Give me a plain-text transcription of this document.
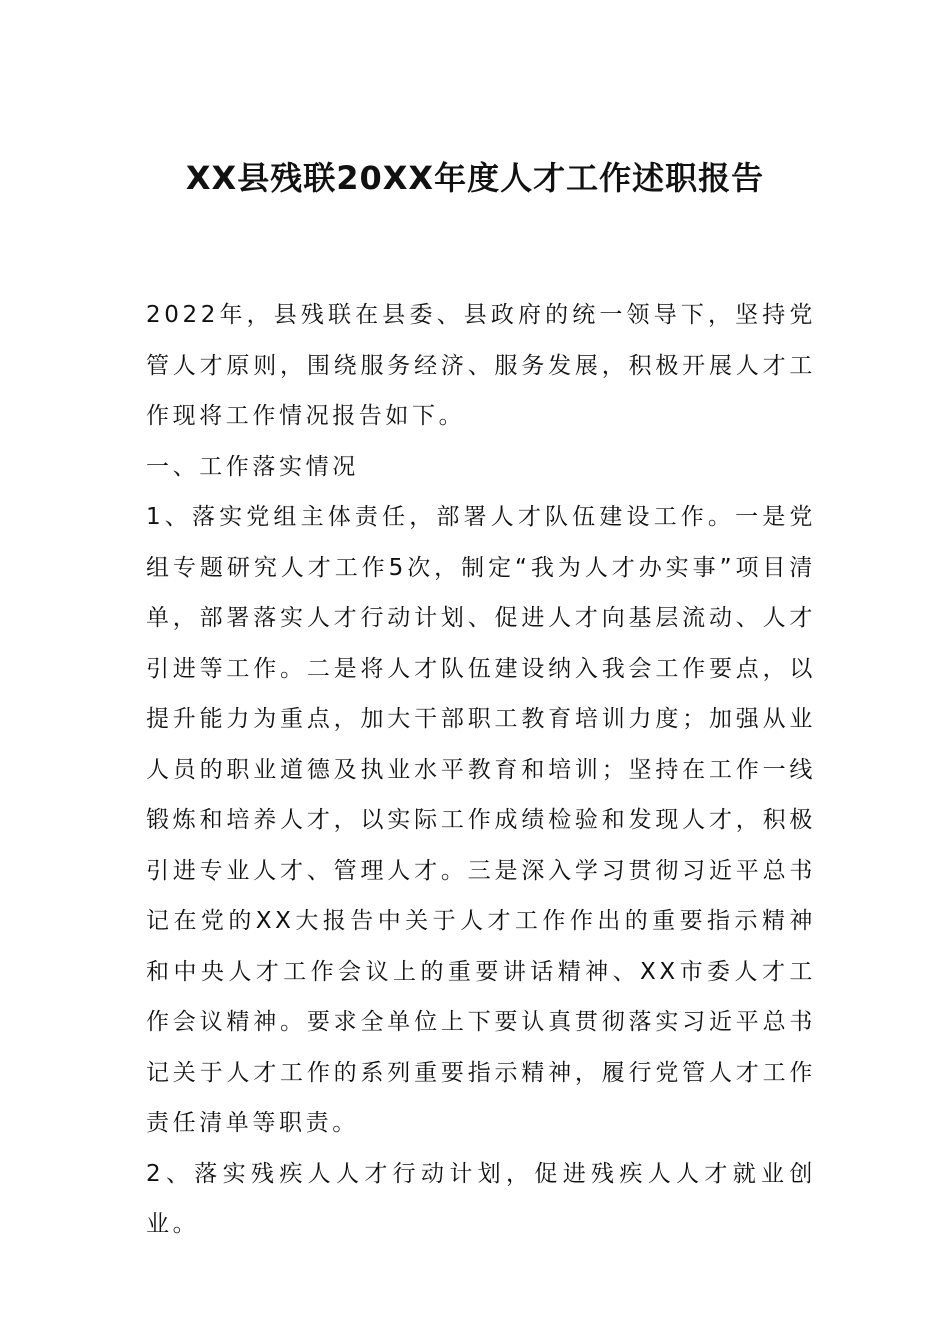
XX县残联20XX年度人才工作述职报告

2022年，县残联在县委、县政府的统一领导下，坚持党管人才原则，围绕服务经济、服务发展，积极开展人才工作现将工作情况报告如下。

一、工作落实情况

1、落实党组主体责任，部署人才队伍建设工作。一是党组专题研究人才工作5次，制定“我为人才办实事”项目清单，部署落实人才行动计划、促进人才向基层流动、人才引进等工作。二是将人才队伍建设纳入我会工作要点，以提升能力为重点，加大干部职工教育培训力度；加强从业人员的职业道德及执业水平教育和培训；坚持在工作一线锻炼和培养人才，以实际工作成绩检验和发现人才，积极引进专业人才、管理人才。三是深入学习贯彻习近平总书记在党的XX大报告中关于人才工作作出的重要指示精神和中央人才工作会议上的重要讲话精神、XX市委人才工作会议精神。要求全单位上下要认真贯彻落实习近平总书记关于人才工作的系列重要指示精神，履行党管人才工作责任清单等职责。

2、落实残疾人人才行动计划，促进残疾人人才就业创业。
